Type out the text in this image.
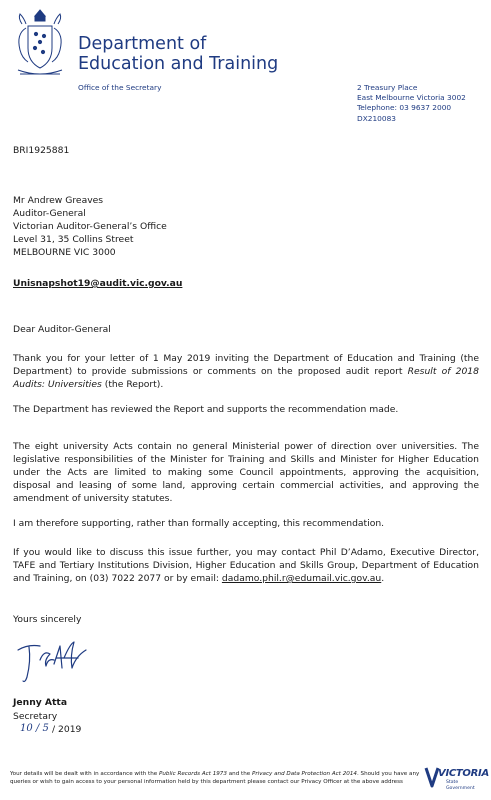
Department of
Education and Training
Office of the Secretary	2 Treasury Place
East Melbourne Victoria 3002
Telephone: 03 9637 2000
DX210083
BRI1925881
Mr Andrew Greaves
Auditor-General
Victorian Auditor-General’s Office
Level 31, 35 Collins Street
MELBOURNE VIC 3000
Unisnapshot19@audit.vic.gov.au
Dear Auditor-General
Thank you for your letter of 1 May 2019 inviting the Department of Education and Training (the Department) to provide submissions or comments on the proposed audit report Result of 2018 Audits: Universities (the Report).
The Department has reviewed the Report and supports the recommendation made.
The eight university Acts contain no general Ministerial power of direction over universities. The legislative responsibilities of the Minister for Training and Skills and Minister for Higher Education under the Acts are limited to making some Council appointments, approving the acquisition, disposal and leasing of some land, approving certain commercial activities, and approving the amendment of university statutes.
I am therefore supporting, rather than formally accepting, this recommendation.
If you would like to discuss this issue further, you may contact Phil D’Adamo, Executive Director, TAFE and Tertiary Institutions Division, Higher Education and Skills Group, Department of Education and Training, on (03) 7022 2077 or by email: dadamo.phil.r@edumail.vic.gov.au.
Yours sincerely
Jenny Atta
Secretary
10 / 5 / 2019
Your details will be dealt with in accordance with the Public Records Act 1973 and the Privacy and Data Protection Act 2014. Should you have any queries or wish to gain access to your personal information held by this department please contact our Privacy Officer at the above address
VICTORIA
State
Government
